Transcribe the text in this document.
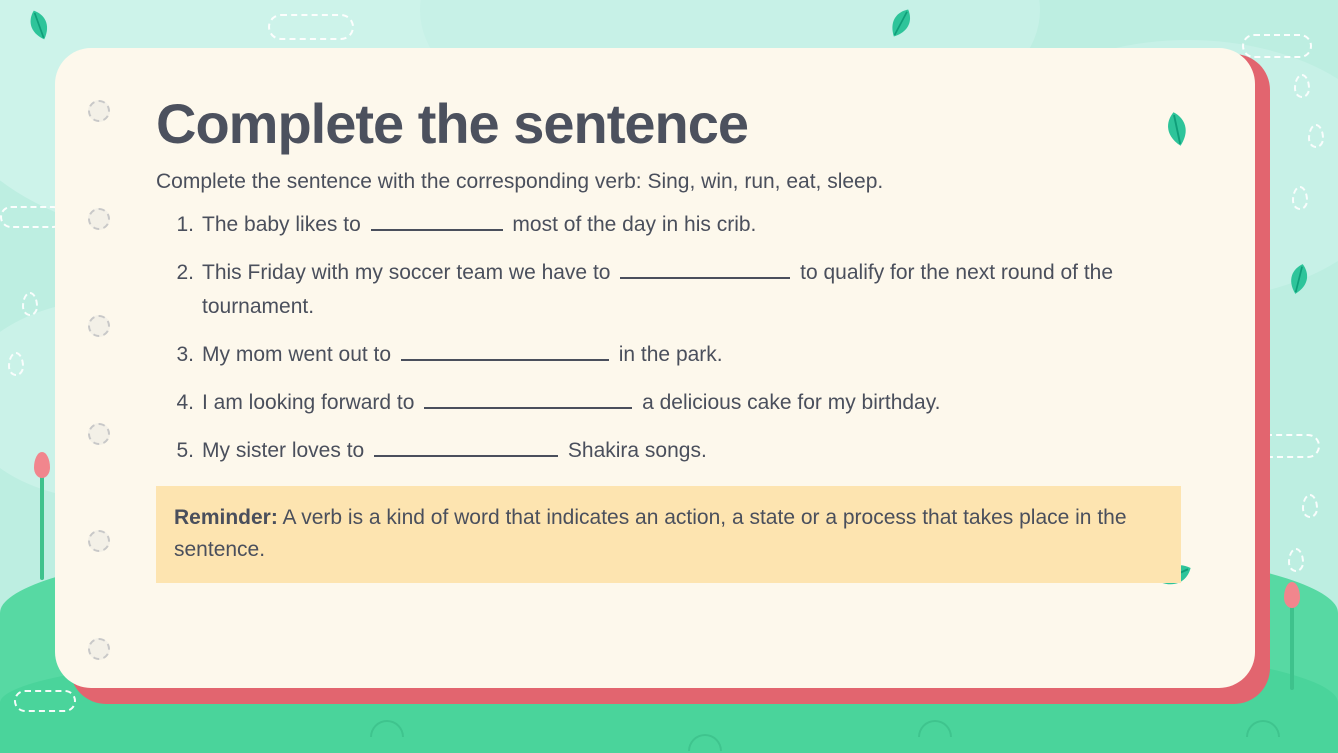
Complete the sentence

Complete the sentence with the corresponding verb: Sing, win, run, eat, sleep.

The baby likes to	most of the day in his crib.
This Friday with my soccer team we have to	to qualify for the next round of the tournament.
My mom went out to	in the park.
I am looking forward to	a delicious cake for my birthday.
My sister loves to	Shakira songs.
Reminder: A verb is a kind of word that indicates an action, a state or a process that takes place in the sentence.
